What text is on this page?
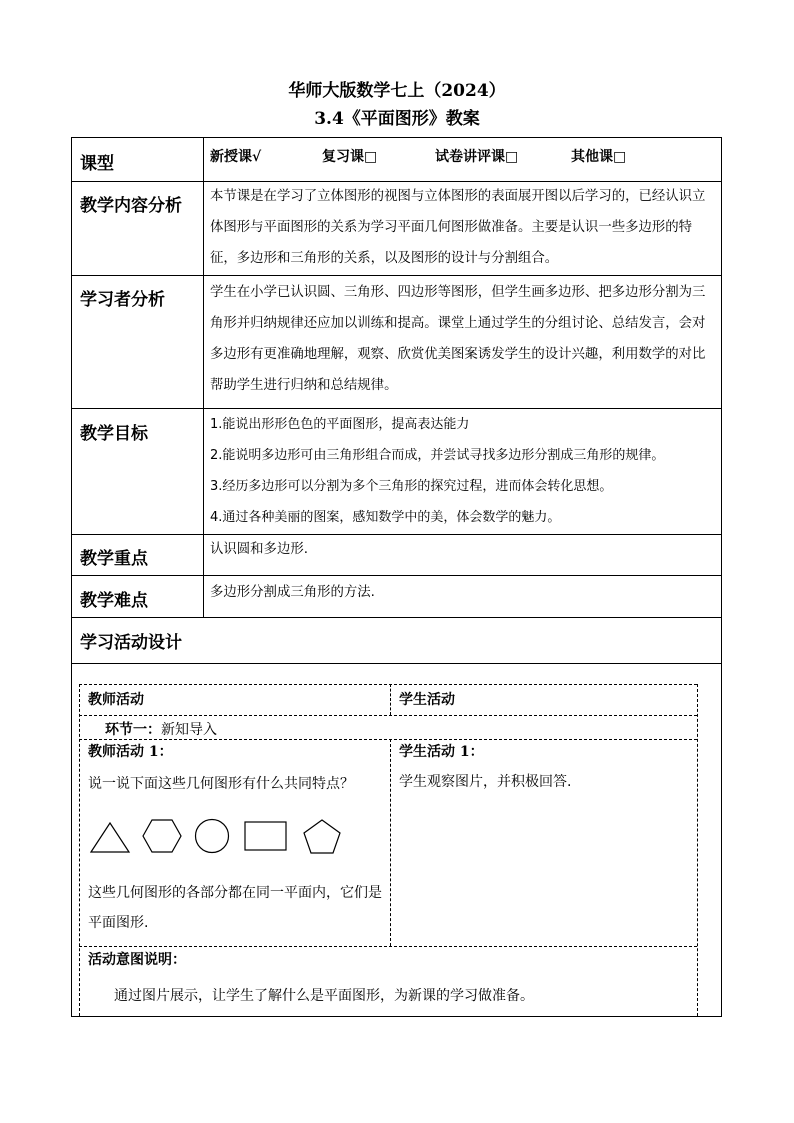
华师大版数学七上（2024）
3.4《平面图形》教案
课型	新授课√	复习课□	试卷讲评课□	其他课□
教学内容分析 本节课是在学习了立体图形的视图与立体图形的表面展开图以后学习的，已经认识立体图形与平面图形的关系为学习平面几何图形做准备。主要是认识一些多边形的特征，多边形和三角形的关系，以及图形的设计与分割组合。
学习者分析	学生在小学已认识圆、三角形、四边形等图形，但学生画多边形、把多边形分割为三角形并归纳规律还应加以训练和提高。课堂上通过学生的分组讨论、总结发言，会对多边形有更准确地理解，观察、欣赏优美图案诱发学生的设计兴趣，利用数学的对比帮助学生进行归纳和总结规律。
教学目标	1.能说出形形色色的平面图形，提高表达能力

2.能说明多边形可由三角形组合而成，并尝试寻找多边形分割成三角形的规律。

3.经历多边形可以分割为多个三角形的探究过程，进而体会转化思想。

4.通过各种美丽的图案，感知数学中的美，体会数学的魅力。

教学重点	认识圆和多边形.
教学难点	多边形分割成三角形的方法.
学习活动设计
教师活动	学生活动
环节一：新知导入
教师活动 1：
说一说下面这些几何图形有什么共同特点？
这些几何图形的各部分都在同一平面内，它们是
平面图形.
学生活动 1：
学生观察图片，并积极回答.
活动意图说明：
通过图片展示，让学生了解什么是平面图形，为新课的学习做准备。
